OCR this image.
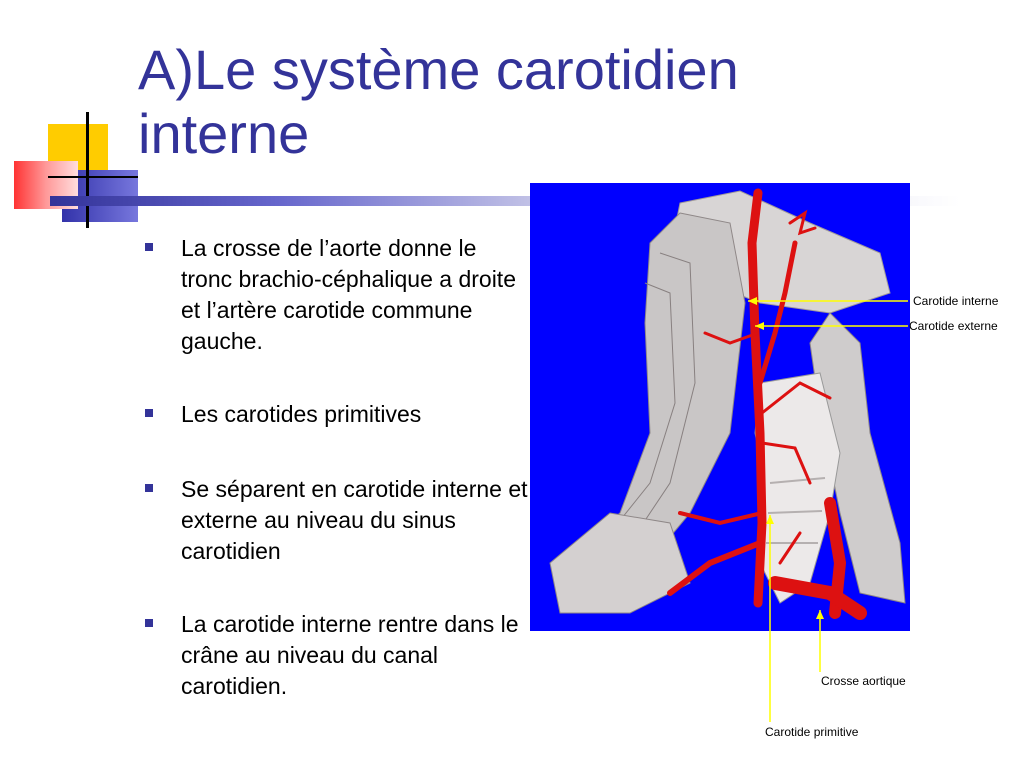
A)Le système carotidien interne
La crosse de l’aorte donne le tronc brachio-céphalique a droite et l’artère carotide commune gauche.
Les carotides primitives
Se séparent en carotide interne et externe au niveau du sinus carotidien
La carotide interne rentre dans le crâne au niveau du canal carotidien.
Carotide interne
Carotide externe
Crosse aortique
Carotide primitive
